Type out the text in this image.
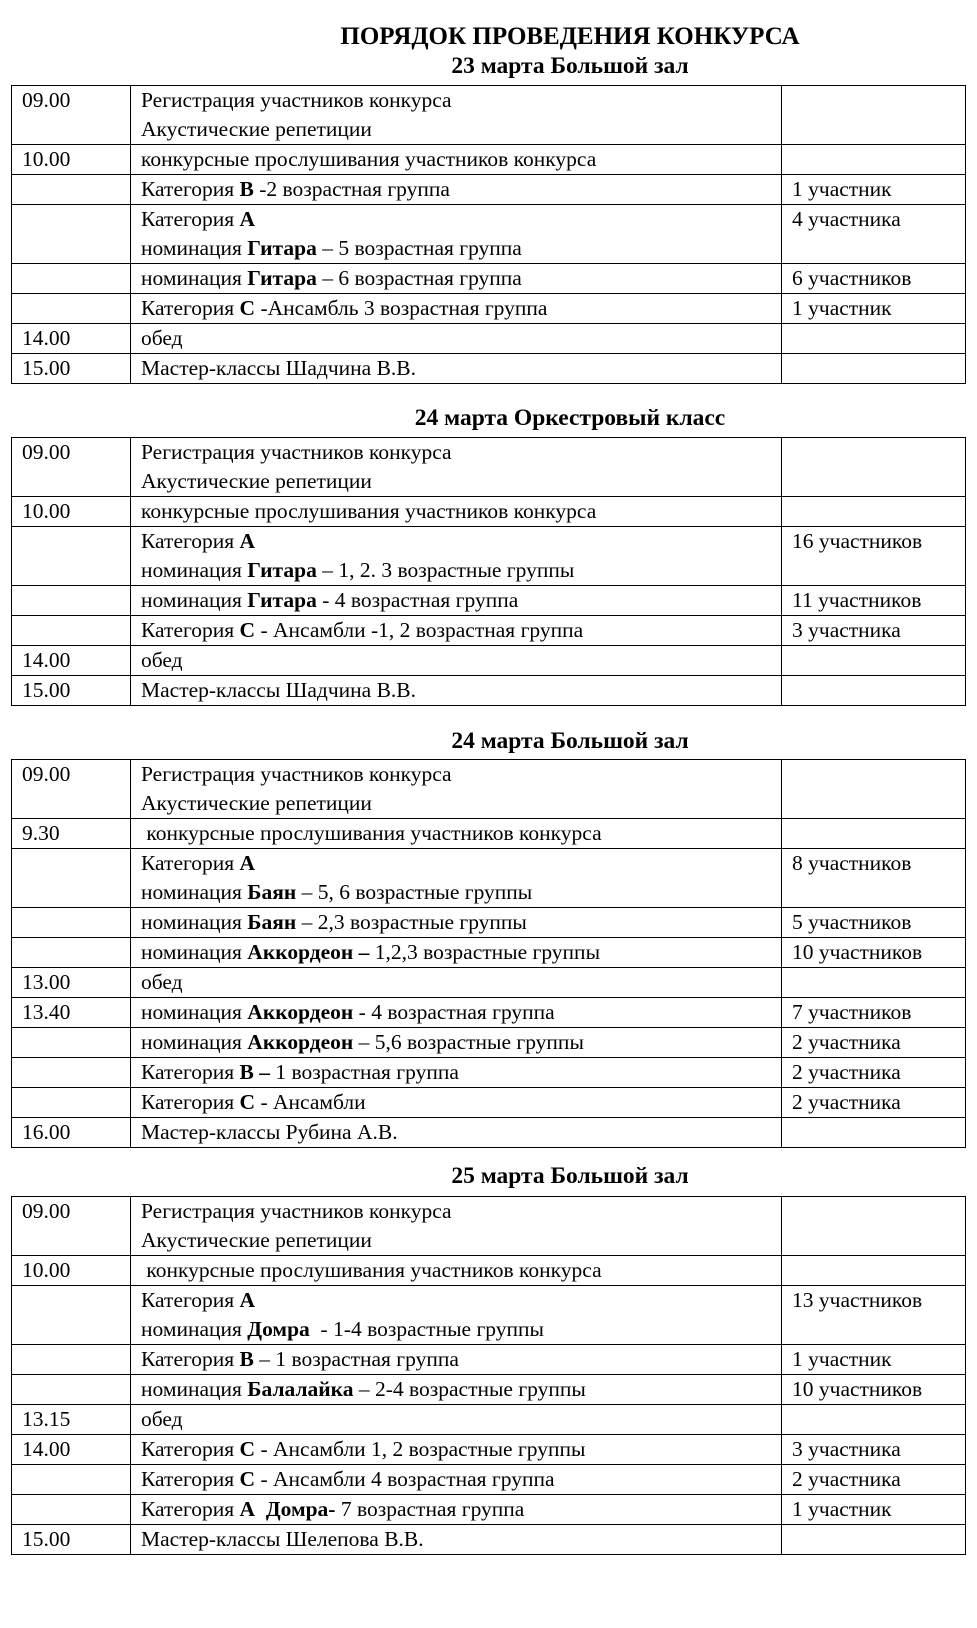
ПОРЯДОК ПРОВЕДЕНИЯ КОНКУРСА
23 марта Большой зал
09.00	Регистрация участников конкурса
Акустические репетиции	

10.00	конкурсные прослушивания участников конкурса	

	Категория В -2 возрастная группа	1 участник

	Категория А
номинация Гитара – 5 возрастная группа	4 участника

	номинация Гитара – 6 возрастная группа	6 участников

	Категория С -Ансамбль 3 возрастная группа	1 участник
14.00	обед	

15.00	Мастер-классы Шадчина В.В.	

24 марта Оркестровый класс
09.00	Регистрация участников конкурса
Акустические репетиции	

10.00	конкурсные прослушивания участников конкурса	

	Категория А
номинация Гитара – 1, 2. 3 возрастные группы	16 участников

	номинация Гитара - 4 возрастная группа	11 участников

	Категория С - Ансамбли -1, 2 возрастная группа	3 участника
14.00	обед	

15.00	Мастер-классы Шадчина В.В.	

24 марта Большой зал
09.00	Регистрация участников конкурса
Акустические репетиции	

9.30	конкурсные прослушивания участников конкурса	

	Категория А
номинация Баян – 5, 6 возрастные группы	8 участников

	номинация Баян – 2,3 возрастные группы	5 участников

	номинация Аккордеон – 1,2,3 возрастные группы	10 участников
13.00	обед	

13.40	номинация Аккордеон - 4 возрастная группа	7 участников

	номинация Аккордеон – 5,6 возрастные группы	2 участника

	Категория В – 1 возрастная группа	2 участника

	Категория С - Ансамбли	2 участника
16.00	Мастер-классы Рубина А.В.	

25 марта Большой зал
09.00	Регистрация участников конкурса
Акустические репетиции	

10.00	конкурсные прослушивания участников конкурса	

	Категория А
номинация Домра  - 1-4 возрастные группы	13 участников

	Категория В – 1 возрастная группа	1 участник

	номинация Балалайка – 2-4 возрастные группы	10 участников
13.15	обед	

14.00	Категория С - Ансамбли 1, 2 возрастные группы	3 участника

	Категория С - Ансамбли 4 возрастная группа	2 участника

	Категория А  Домра- 7 возрастная группа	1 участник
15.00	Мастер-классы Шелепова В.В.	
